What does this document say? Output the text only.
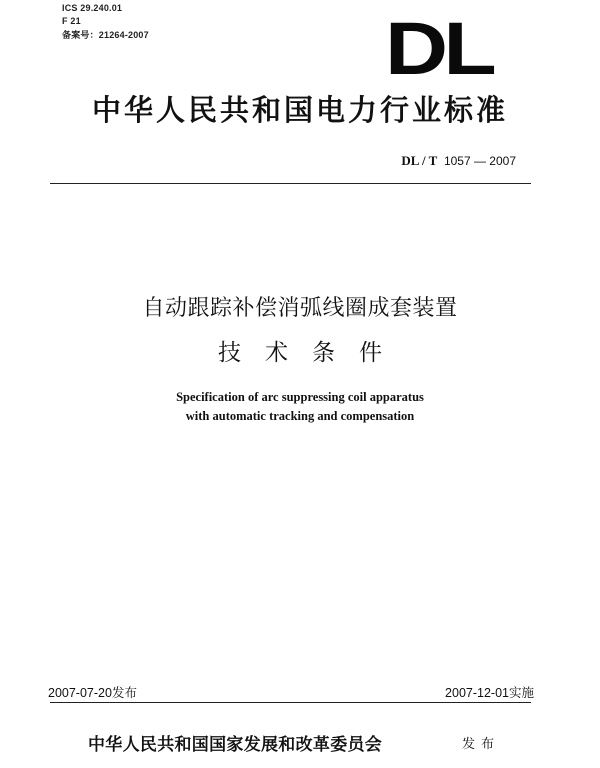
ICS 29.240.01
F 21
备案号：21264-2007	DL
中华人民共和国电力行业标准
DL / T 1057 — 2007
自动跟踪补偿消弧线圈成套装置
技术条件
Specification of arc suppressing coil apparatus
with automatic tracking and compensation
2007-07-20发布	2007-12-01实施
中华人民共和国国家发展和改革委员会	发布
